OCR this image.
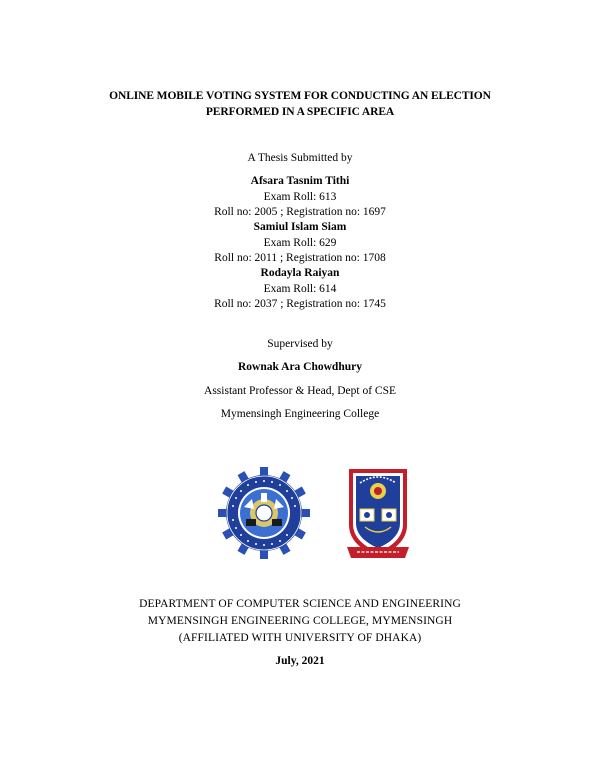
ONLINE MOBILE VOTING SYSTEM FOR CONDUCTING AN ELECTION
PERFORMED IN A SPECIFIC AREA
A Thesis Submitted by
Afsara Tasnim Tithi
Exam Roll: 613
Roll no: 2005 ; Registration no: 1697
Samiul Islam Siam
Exam Roll: 629
Roll no: 2011 ; Registration no: 1708
Rodayla Raiyan
Exam Roll: 614
Roll no: 2037 ; Registration no: 1745
Supervised by
Rownak Ara Chowdhury
Assistant Professor & Head, Dept of CSE
Mymensingh Engineering College
DEPARTMENT OF COMPUTER SCIENCE AND ENGINEERING
MYMENSINGH ENGINEERING COLLEGE, MYMENSINGH
(AFFILIATED WITH UNIVERSITY OF DHAKA)
July, 2021
